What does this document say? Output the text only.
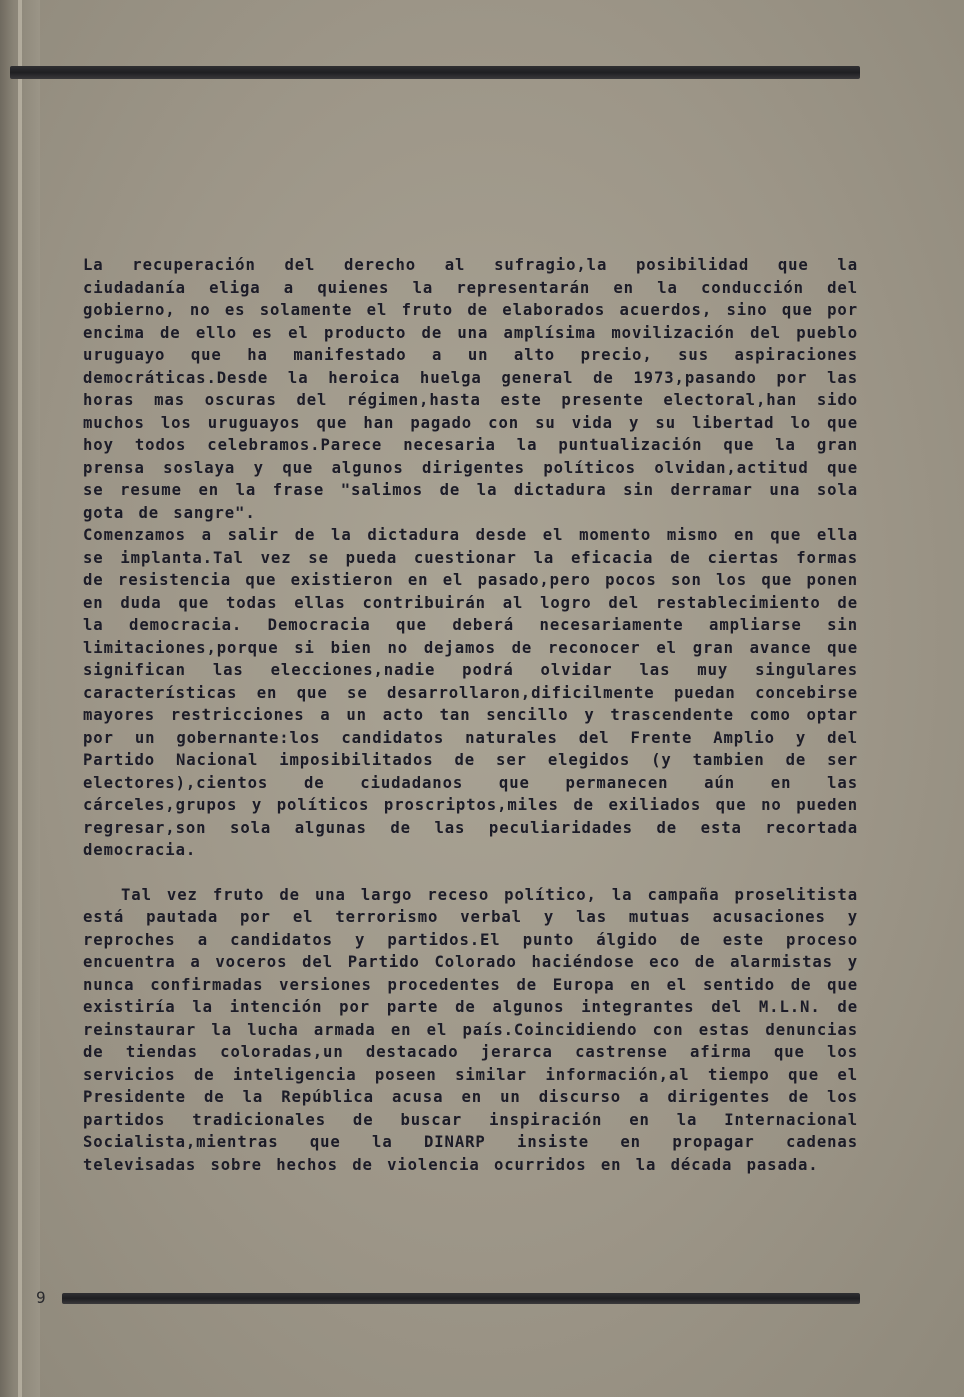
La recuperación del derecho al sufragio,la posibilidad que la ciudadanía eliga a quienes la representarán en la conducción del gobierno, no es solamente el fruto de elaborados acuerdos, sino que por encima de ello es el producto de una amplísima movilización del pueblo uruguayo que ha manifestado a un alto precio, sus aspiraciones democráticas.Desde la heroica huelga general de 1973,pasando por las horas mas oscuras del régimen,hasta este presente electoral,han sido muchos los uruguayos que han pagado con su vida y su libertad lo que hoy todos celebramos.Parece necesaria la puntualización que la gran prensa soslaya y que algunos dirigentes políticos olvidan,actitud que se resume en la frase "salimos de la dictadura sin derramar una sola gota de sangre".

Comenzamos a salir de la dictadura desde el momento mismo en que ella se implanta.Tal vez se pueda cuestionar la eficacia de ciertas formas de resistencia que existieron en el pasado,pero pocos son los que ponen en duda que todas ellas contribuirán al logro del restablecimiento de la democracia. Democracia que deberá necesariamente ampliarse sin limitaciones,porque si bien no dejamos de reconocer el gran avance que significan las elecciones,nadie podrá olvidar las muy singulares características en que se desarrollaron,dificilmente puedan concebirse mayores restricciones a un acto tan sencillo y trascendente como optar por un gobernante:los candidatos naturales del Frente Amplio y del Partido Nacional imposibilitados de ser elegidos (y tambien de ser electores),cientos de ciudadanos que permanecen aún en las cárceles,grupos y políticos proscriptos,miles de exiliados que no pueden regresar,son sola algunas de las peculiaridades de esta recortada democracia.

Tal vez fruto de una largo receso político, la campaña proselitista está pautada por el terrorismo verbal y las mutuas acusaciones y reproches a candidatos y partidos.El punto álgido de este proceso encuentra a voceros del Partido Colorado haciéndose eco de alarmistas y nunca confirmadas versiones procedentes de Europa en el sentido de que existiría la intención por parte de algunos integrantes del M.L.N. de reinstaurar la lucha armada en el país.Coincidiendo con estas denuncias de tiendas coloradas,un destacado jerarca castrense afirma que los servicios de inteligencia poseen similar información,al tiempo que el Presidente de la República acusa en un discurso a dirigentes de los partidos tradicionales de buscar inspiración en la Internacional Socialista,mientras que la DINARP insiste en propagar cadenas televisadas sobre hechos de violencia ocurridos en la década pasada.

9
